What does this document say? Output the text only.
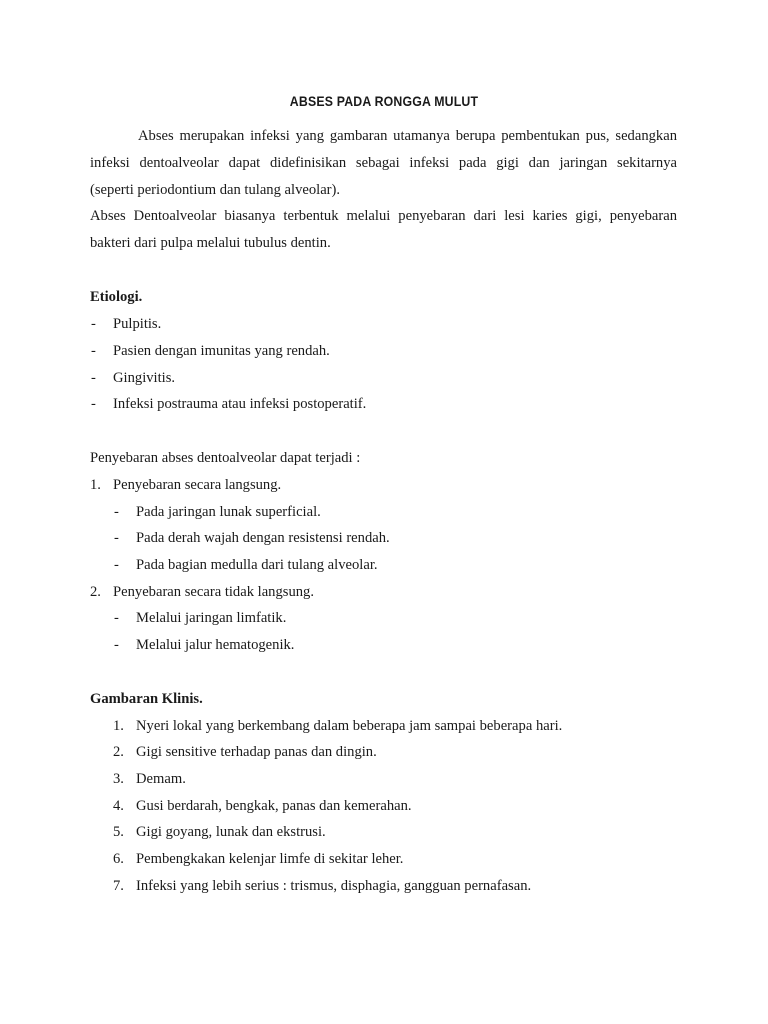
ABSES PADA RONGGA MULUT
Abses merupakan infeksi yang gambaran utamanya berupa pembentukan pus, sedangkan
infeksi dentoalveolar dapat didefinisikan sebagai infeksi pada gigi dan jaringan sekitarnya
(seperti periodontium dan tulang alveolar).
Abses Dentoalveolar biasanya terbentuk melalui penyebaran dari lesi karies gigi, penyebaran
bakteri dari pulpa melalui tubulus dentin.
Etiologi.
- Pulpitis.
- Pasien dengan imunitas yang rendah.
- Gingivitis.
- Infeksi postrauma atau infeksi postoperatif.
Penyebaran abses dentoalveolar dapat terjadi :
1. Penyebaran secara langsung.
- Pada jaringan lunak superficial.
- Pada derah wajah dengan resistensi rendah.
- Pada bagian medulla dari tulang alveolar.
2. Penyebaran secara tidak langsung.
- Melalui jaringan limfatik.
- Melalui jalur hematogenik.
Gambaran Klinis.
1. Nyeri lokal yang berkembang dalam beberapa jam sampai beberapa hari.
2. Gigi sensitive terhadap panas dan dingin.
3. Demam.
4. Gusi berdarah, bengkak, panas dan kemerahan.
5. Gigi goyang, lunak dan ekstrusi.
6. Pembengkakan kelenjar limfe di sekitar leher.
7. Infeksi yang lebih serius : trismus, disphagia, gangguan pernafasan.
